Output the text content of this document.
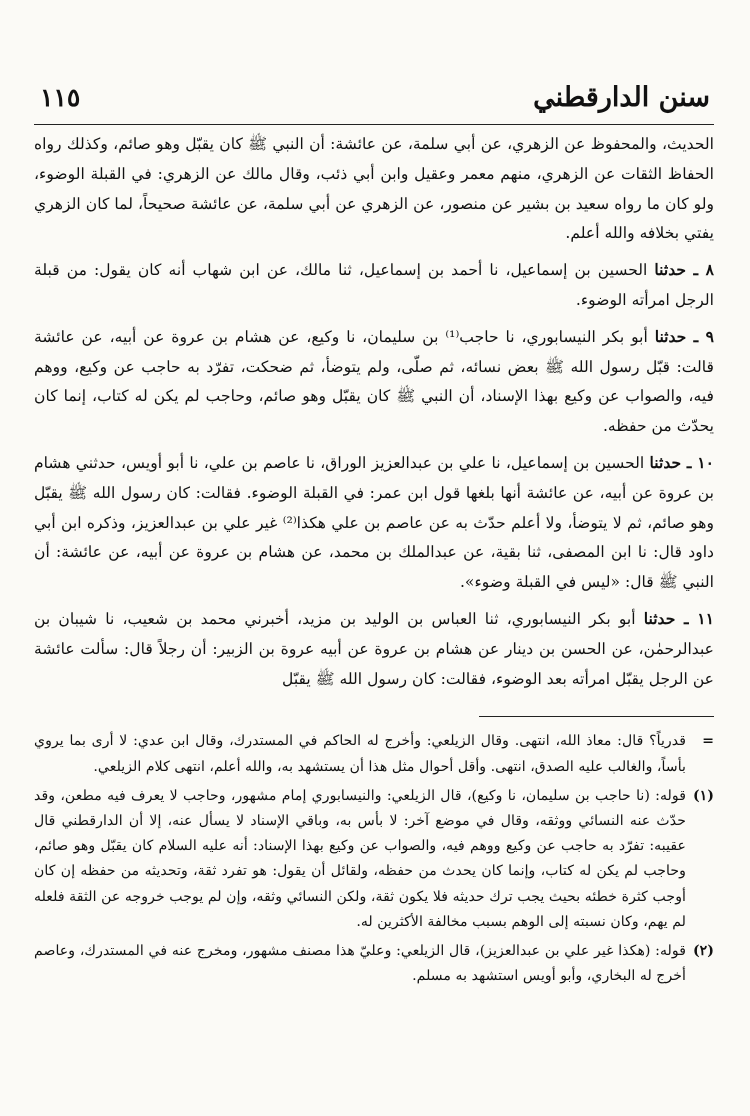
سنن الدارقطني
١١٥

الحديث، والمحفوظ عن الزهري، عن أبي سلمة، عن عائشة: أن النبي ﷺ كان يقبّل وهو صائم، وكذلك رواه الحفاظ الثقات عن الزهري، منهم معمر وعقيل وابن أبي ذئب، وقال مالك عن الزهري: في القبلة الوضوء، ولو كان ما رواه سعيد بن بشير عن منصور، عن الزهري عن أبي سلمة، عن عائشة صحيحاً، لما كان الزهري يفتي بخلافه والله أعلم.

٨ ـ حدثنا الحسين بن إسماعيل، نا أحمد بن إسماعيل، ثنا مالك، عن ابن شهاب أنه كان يقول: من قبلة الرجل امرأته الوضوء.

٩ ـ حدثنا أبو بكر النيسابوري، نا حاجب⁽¹⁾ بن سليمان، نا وكيع، عن هشام بن عروة عن أبيه، عن عائشة قالت: قبّل رسول الله ﷺ بعض نسائه، ثم صلّى، ولم يتوضأ، ثم ضحكت، تفرّد به حاجب عن وكيع، ووهم فيه، والصواب عن وكيع بهذا الإسناد، أن النبي ﷺ كان يقبّل وهو صائم، وحاجب لم يكن له كتاب، إنما كان يحدّث من حفظه.

١٠ ـ حدثنا الحسين بن إسماعيل، نا علي بن عبدالعزيز الوراق، نا عاصم بن علي، نا أبو أويس، حدثني هشام بن عروة عن أبيه، عن عائشة أنها بلغها قول ابن عمر: في القبلة الوضوء. فقالت: كان رسول الله ﷺ يقبّل وهو صائم، ثم لا يتوضأ، ولا أعلم حدّث به عن عاصم بن علي هكذا⁽²⁾ غير علي بن عبدالعزيز، وذكره ابن أبي داود قال: نا ابن المصفى، ثنا بقية، عن عبدالملك بن محمد، عن هشام بن عروة عن أبيه، عن عائشة: أن النبي ﷺ قال: «ليس في القبلة وضوء».

١١ ـ حدثنا أبو بكر النيسابوري، ثنا العباس بن الوليد بن مزيد، أخبرني محمد بن شعيب، نا شيبان بن عبدالرحمٰن، عن الحسن بن دينار عن هشام بن عروة عن أبيه عروة بن الزبير: أن رجلاً قال: سألت عائشة عن الرجل يقبّل امرأته بعد الوضوء، فقالت: كان رسول الله ﷺ يقبّل

=
قدرياً؟ قال: معاذ الله، انتهى. وقال الزيلعي: وأخرج له الحاكم في المستدرك، وقال ابن عدي: لا أرى بما يروي بأساً، والغالب عليه الصدق، انتهى. وأقل أحوال مثل هذا أن يستشهد به، والله أعلم، انتهى كلام الزيلعي.
(١)
قوله: (نا حاجب بن سليمان، نا وكيع)، قال الزيلعي: والنيسابوري إمام مشهور، وحاجب لا يعرف فيه مطعن، وقد حدّث عنه النسائي ووثقه، وقال في موضع آخر: لا بأس به، وباقي الإسناد لا يسأل عنه، إلا أن الدارقطني قال عقيبه: تفرّد به حاجب عن وكيع ووهم فيه، والصواب عن وكيع بهذا الإسناد: أنه عليه السلام كان يقبّل وهو صائم، وحاجب لم يكن له كتاب، وإنما كان يحدث من حفظه، ولقائل أن يقول: هو تفرد ثقة، وتحديثه من حفظه إن كان أوجب كثرة خطئه بحيث يجب ترك حديثه فلا يكون ثقة، ولكن النسائي وثقه، وإن لم يوجب خروجه عن الثقة فلعله لم يهم، وكان نسبته إلى الوهم بسبب مخالفة الأكثرين له.
(٢)
قوله: (هكذا غير علي بن عبدالعزيز)، قال الزيلعي: وعليّ هذا مصنف مشهور، ومخرج عنه في المستدرك، وعاصم أخرج له البخاري، وأبو أويس استشهد به مسلم.
